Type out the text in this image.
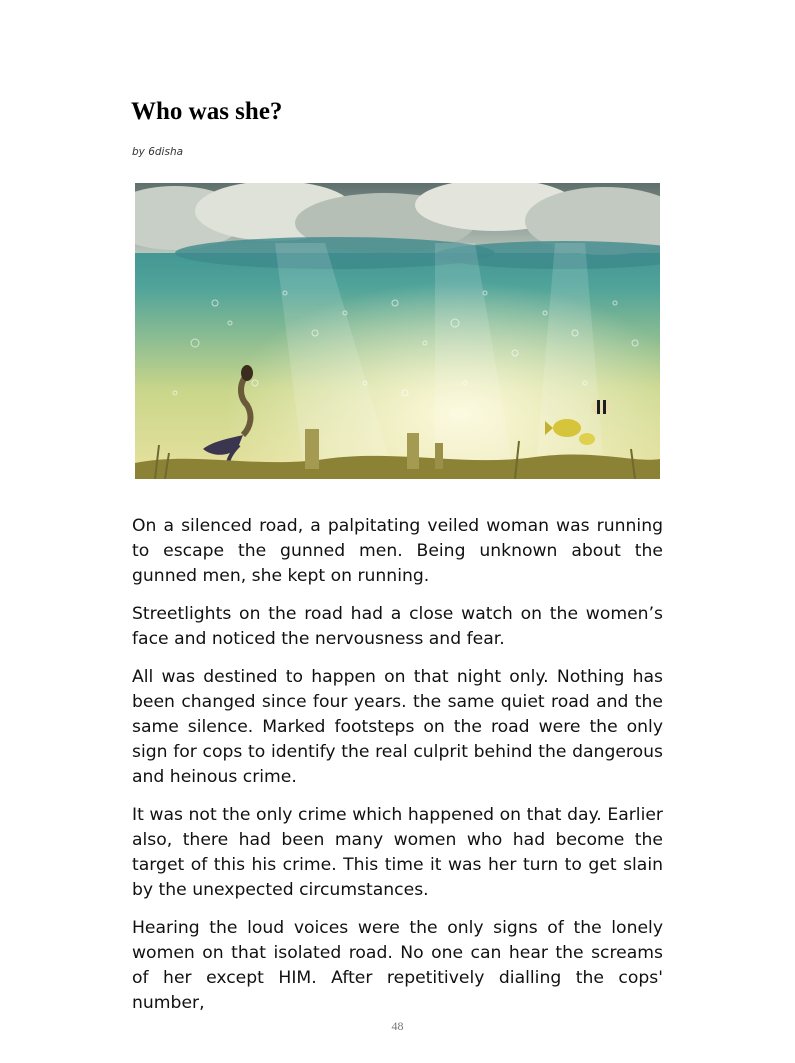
Who was she?
by 6disha

On a silenced road, a palpitating veiled woman was running to escape the gunned men. Being unknown about the gunned men, she kept on running.

Streetlights on the road had a close watch on the women’s face and noticed the nervousness and fear.

All was destined to happen on that night only. Nothing has been changed since four years. the same quiet road and the same silence. Marked footsteps on the road were the only sign for cops to identify the real culprit behind the dangerous and heinous crime.

It was not the only crime which happened on that day. Earlier also, there had been many women who had become the target of this his crime. This time it was her turn to get slain by the unexpected circumstances.

Hearing the loud voices were the only signs of the lonely women on that isolated road. No one can hear the screams of her except HIM. After repetitively dialling the cops' number,

48
